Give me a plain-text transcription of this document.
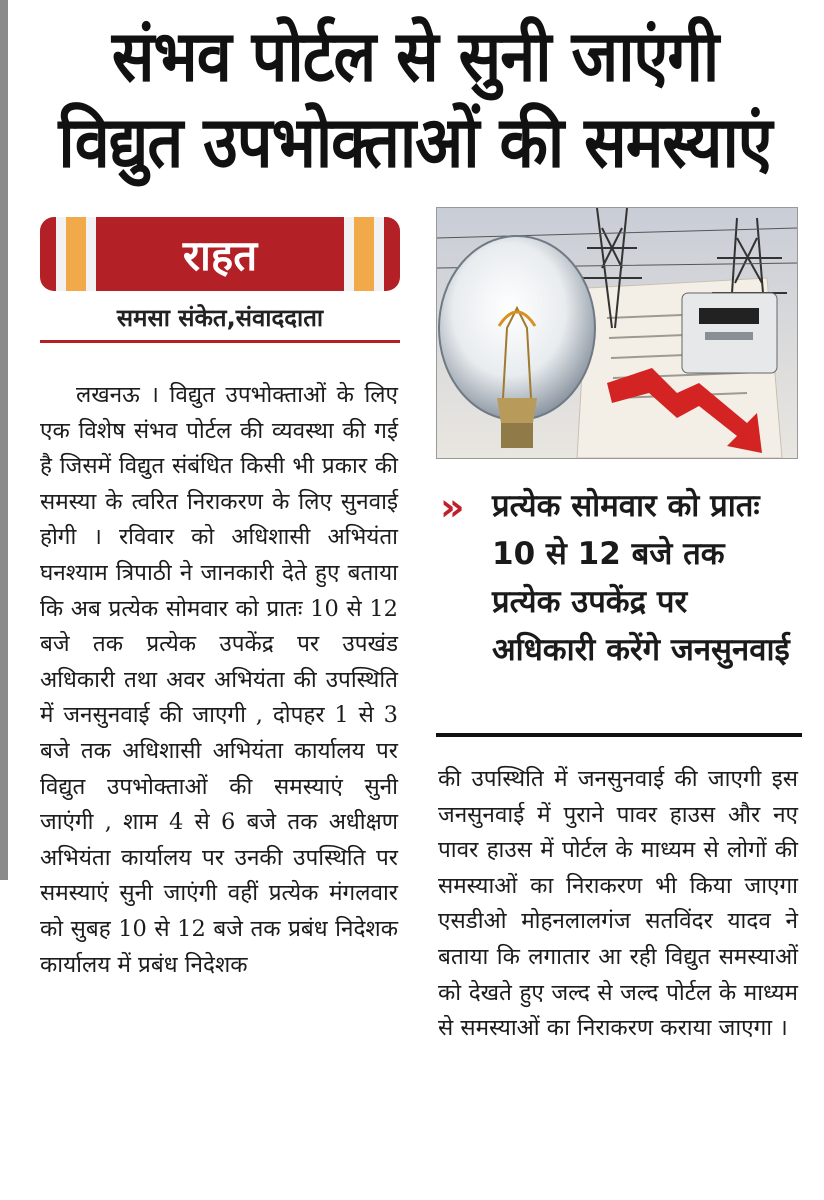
संभव पोर्टल से सुनी जाएंगी
विद्युत उपभोक्ताओं की समस्याएं
राहत
समसा संकेत,संवाददाता
लखनऊ । विद्युत उपभोक्ताओं के लिए एक विशेष संभव पोर्टल की व्यवस्था की गई है जिसमें विद्युत संबंधित किसी भी प्रकार की समस्या के त्वरित निराकरण के लिए सुनवाई होगी । रविवार को अधिशासी अभियंता घनश्याम त्रिपाठी ने जानकारी देते हुए बताया कि अब प्रत्येक सोमवार को प्रातः 10 से 12 बजे तक प्रत्येक उपकेंद्र पर उपखंड अधिकारी तथा अवर अभियंता की उपस्थिति में जनसुनवाई की जाएगी , दोपहर 1 से 3 बजे तक अधिशासी अभियंता कार्यालय पर विद्युत उपभोक्ताओं की समस्याएं सुनी जाएंगी , शाम 4 से 6 बजे तक अधीक्षण अभियंता कार्यालय पर उनकी उपस्थिति पर समस्याएं सुनी जाएंगी वहीं प्रत्येक मंगलवार को सुबह 10 से 12 बजे तक प्रबंध निदेशक कार्यालय में प्रबंध निदेशक
» प्रत्येक सोमवार को प्रातः 10 से 12 बजे तक प्रत्येक उपकेंद्र पर अधिकारी करेंगे जनसुनवाई
की उपस्थिति में जनसुनवाई की जाएगी इस जनसुनवाई में पुराने पावर हाउस और नए पावर हाउस में पोर्टल के माध्यम से लोगों की समस्याओं का निराकरण भी किया जाएगा एसडीओ मोहनलालगंज सतविंदर यादव ने बताया कि लगातार आ रही विद्युत समस्याओं को देखते हुए जल्द से जल्द पोर्टल के माध्यम से समस्याओं का निराकरण कराया जाएगा ।
